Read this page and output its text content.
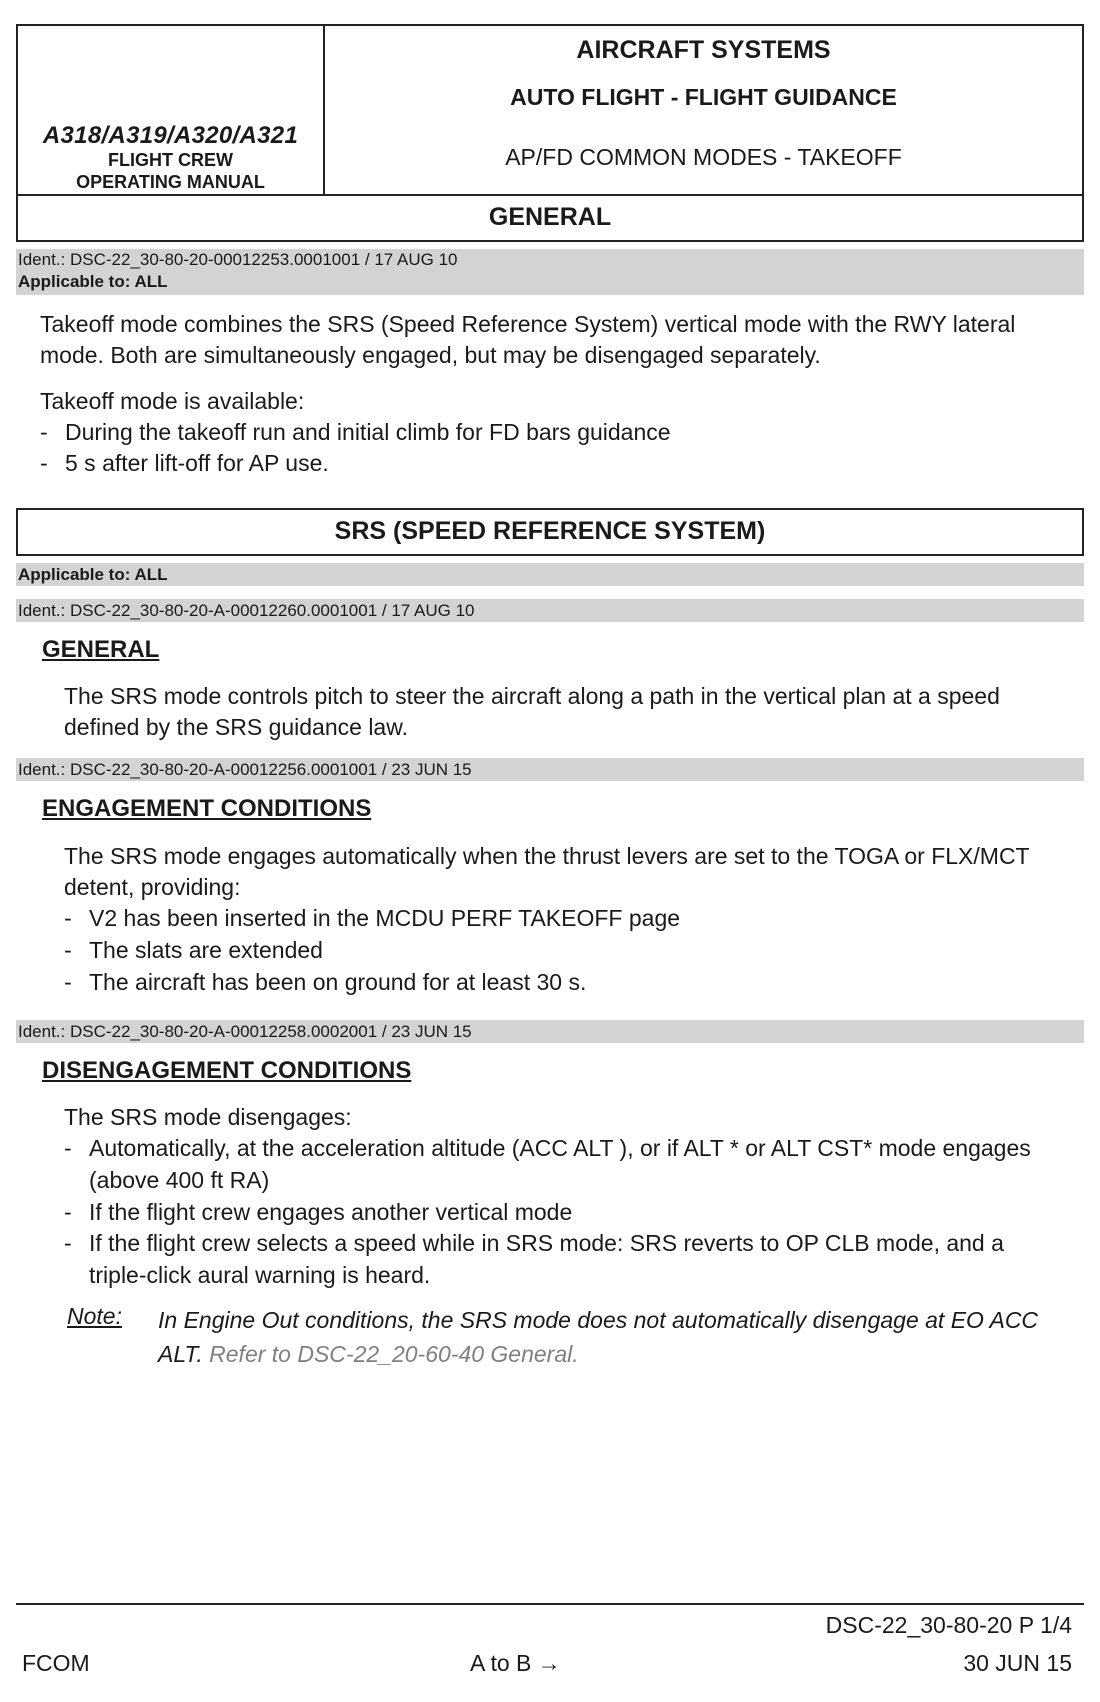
A318/A319/A320/A321
FLIGHT CREW
OPERATING MANUAL
AIRCRAFT SYSTEMS
AUTO FLIGHT - FLIGHT GUIDANCE
AP/FD COMMON MODES - TAKEOFF
GENERAL
Ident.: DSC-22_30-80-20-00012253.0001001 / 17 AUG 10
Applicable to: ALL
Takeoff mode combines the SRS (Speed Reference System) vertical mode with the RWY lateral
mode. Both are simultaneously engaged, but may be disengaged separately.
Takeoff mode is available:
- During the takeoff run and initial climb for FD bars guidance
- 5 s after lift-off for AP use.
SRS (SPEED REFERENCE SYSTEM)
Applicable to: ALL
Ident.: DSC-22_30-80-20-A-00012260.0001001 / 17 AUG 10
GENERAL
The SRS mode controls pitch to steer the aircraft along a path in the vertical plan at a speed
defined by the SRS guidance law.
Ident.: DSC-22_30-80-20-A-00012256.0001001 / 23 JUN 15
ENGAGEMENT CONDITIONS
The SRS mode engages automatically when the thrust levers are set to the TOGA or FLX/MCT
detent, providing:
- V2 has been inserted in the MCDU PERF TAKEOFF page
- The slats are extended
- The aircraft has been on ground for at least 30 s.
Ident.: DSC-22_30-80-20-A-00012258.0002001 / 23 JUN 15
DISENGAGEMENT CONDITIONS
The SRS mode disengages:
- Automatically, at the acceleration altitude (ACC ALT ), or if ALT * or ALT CST* mode engages
(above 400 ft RA)
- If the flight crew engages another vertical mode
- If the flight crew selects a speed while in SRS mode: SRS reverts to OP CLB mode, and a
triple-click aural warning is heard.
Note: In Engine Out conditions, the SRS mode does not automatically disengage at EO ACC
ALT. Refer to DSC-22_20-60-40 General.
DSC-22_30-80-20 P 1/4
FCOM	A to B →	30 JUN 15
